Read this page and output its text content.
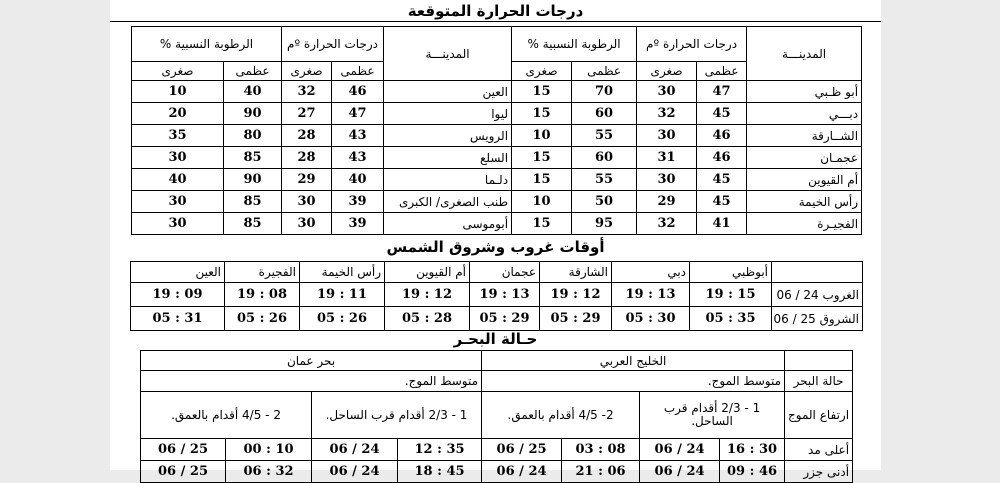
درجات الحرارة المتوقعة
المدينـــة	درجات الحرارة ºم		الرطوبة النسبية %		المدينـــة	درجات الحرارة ºم		الرطوبة النسبية %	
	عظمى	صغرى	عظمى	صغرى		عظمى	صغرى	عظمى	صغرى
أبو ظـبي	47	30	70	15	العين	46	32	40	10
دبـــي	45	32	60	15	ليوا	47	27	90	20
الشــارقة	46	30	55	10	الرويس	43	28	80	35
عجمـان	46	31	60	15	السلع	43	28	85	30
أم القيوين	45	30	55	15	دلـما	40	29	90	40
رأس الخيمة	45	29	50	10	طنب الصغرى/ الكبرى	39	30	85	30
الفجيـرة	41	32	95	15	أبوموسى	39	30	85	30
أوقات غروب وشروق الشمس
	أبوظبي	دبي	الشارقة	عجمان	أم القيوين	رأس الخيمة	الفجيرة	العين
الغروب 24 / 06	19 : 15	19 : 13	19 : 12	19 : 13	19 : 12	19 : 11	19 : 08	19 : 09
الشروق 25 / 06	05 : 35	05 : 30	05 : 29	05 : 29	05 : 28	05 : 26	05 : 26	05 : 31
حـالة البحـر
	الخليج العربي				بحر عمان			
حالة البحر	متوسط الموج.				متوسط الموج.			
ارتفاع الموج	1 - 2/3 أقدام قرب الساحل.		2- 4/5 أقدام بالعمق.		1 - 2/3 أقدام قرب الساحل.		2 - 4/5 أقدام بالعمق.	
أعلى مد	16 : 30	06 / 24	03 : 08	06 / 25	12 : 35	06 / 24	00 : 10	06 / 25
أدنى جزر	09 : 46	06 / 24	21 : 06	06 / 24	18 : 45	06 / 24	06 : 32	06 / 25
